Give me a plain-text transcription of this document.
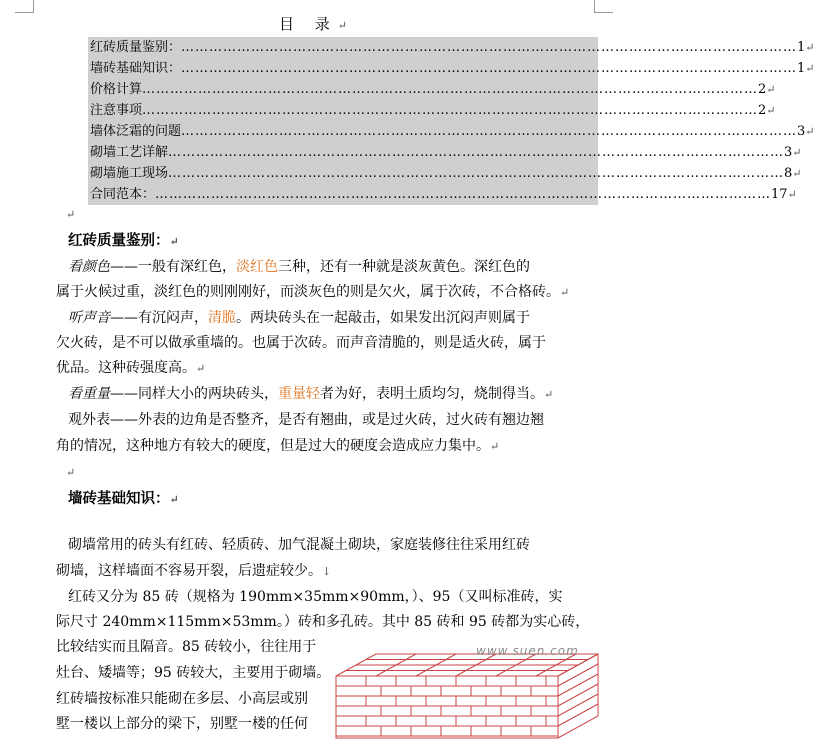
目 录↵
红砖质量鉴别： …………………………………………………………………………………………………………………… 1 ↵
墙砖基础知识： …………………………………………………………………………………………………………………… 1 ↵
价格计算 …………………………………………………………………………………………………………………… 2 ↵
注意事项 …………………………………………………………………………………………………………………… 2 ↵
墙体泛霜的问题 …………………………………………………………………………………………………………………… 3 ↵
砌墙工艺详解 …………………………………………………………………………………………………………………… 3 ↵
砌墙施工现场 …………………………………………………………………………………………………………………… 8 ↵
合同范本： …………………………………………………………………………………………………………………… 17 ↵
↵
红砖质量鉴别：↵
看颜色——一般有深红色，淡红色三种，还有一种就是淡灰黄色。深红色的
属于火候过重，淡红色的则刚刚好，而淡灰色的则是欠火，属于次砖，不合格砖。↵
听声音——有沉闷声，清脆。两块砖头在一起敲击，如果发出沉闷声则属于
欠火砖，是不可以做承重墙的。也属于次砖。而声音清脆的，则是适火砖，属于
优品。这种砖强度高。↵
看重量——同样大小的两块砖头，重量轻者为好，表明土质均匀，烧制得当。↵
观外表——外表的边角是否整齐，是否有翘曲，或是过火砖，过火砖有翘边翘
角的情况，这种地方有较大的硬度，但是过大的硬度会造成应力集中。↵
↵
墙砖基础知识：↵
砌墙常用的砖头有红砖、轻质砖、加气混凝土砌块，家庭装修往往采用红砖
砌墙，这样墙面不容易开裂，后遗症较少。↓
红砖又分为 85 砖（规格为 190mm×35mm×90mm，）、95（又叫标准砖，实
际尺寸 240mm×115mm×53mm。）砖和多孔砖。其中 85 砖和 95 砖都为实心砖，
比较结实而且隔音。85 砖较小，往往用于
灶台、矮墙等；95 砖较大，主要用于砌墙。
红砖墙按标准只能砌在多层、小高层或别
墅一楼以上部分的梁下，别墅一楼的任何
www.suen.com
